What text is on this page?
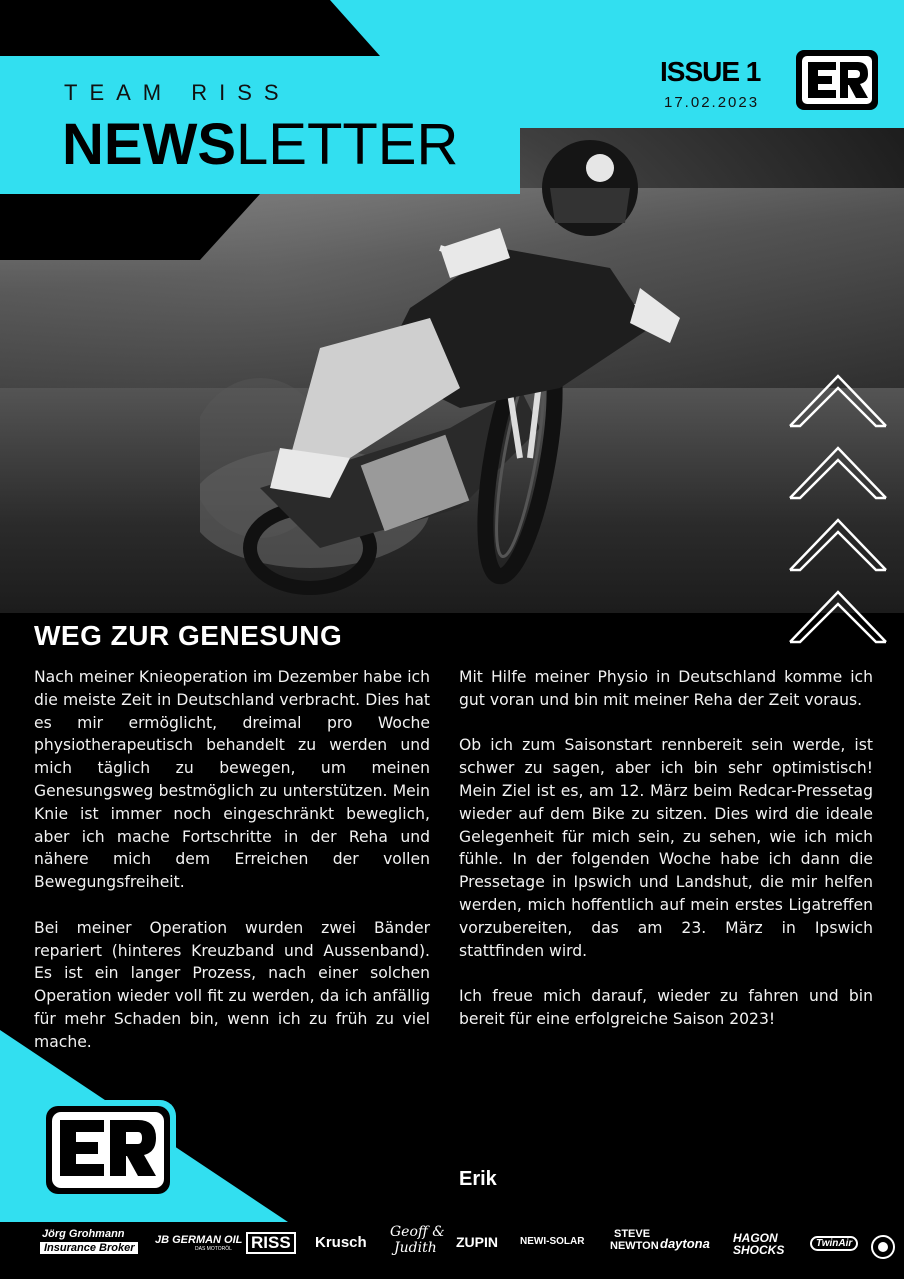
TEAM RISS
NEWSLETTER
ISSUE 1
17.02.2023
WEG ZUR GENESUNG

Nach meiner Knieoperation im Dezember habe ich die meiste Zeit in Deutschland verbracht. Dies hat es mir ermöglicht, dreimal pro Woche physiotherapeutisch behandelt zu werden und mich täglich zu bewegen, um meinen Genesungsweg bestmöglich zu unterstützen. Mein Knie ist immer noch eingeschränkt beweglich, aber ich mache Fortschritte in der Reha und nähere mich dem Erreichen der vollen Bewegungsfreiheit.

Bei meiner Operation wurden zwei Bänder repariert (hinteres Kreuzband und Aussenband). Es ist ein langer Prozess, nach einer solchen Operation wieder voll fit zu werden, da ich anfällig für mehr Schaden bin, wenn ich zu früh zu viel mache.

Mit Hilfe meiner Physio in Deutschland komme ich gut voran und bin mit meiner Reha der Zeit voraus.

Ob ich zum Saisonstart rennbereit sein werde, ist schwer zu sagen, aber ich bin sehr optimistisch! Mein Ziel ist es, am 12. März beim Redcar-Pressetag wieder auf dem Bike zu sitzen. Dies wird die ideale Gelegenheit für mich sein, zu sehen, wie ich mich fühle. In der folgenden Woche habe ich dann die Pressetage in Ipswich und Landshut, die mir helfen werden, mich hoffentlich auf mein erstes Ligatreffen vorzubereiten, das am 23. März in Ipswich stattfinden wird.

Ich freue mich darauf, wieder zu fahren und bin bereit für eine erfolgreiche Saison 2023!

Erik
Jörg Grohmann
Insurance Broker
JB GERMAN OIL
DAS MOTORÖL	RISS	Krusch
Geoff &
Judith	ZUPIN NEWI-SOLAR
STEVE
NEWTON daytona HAGON
SHOCKS	TwinAir
